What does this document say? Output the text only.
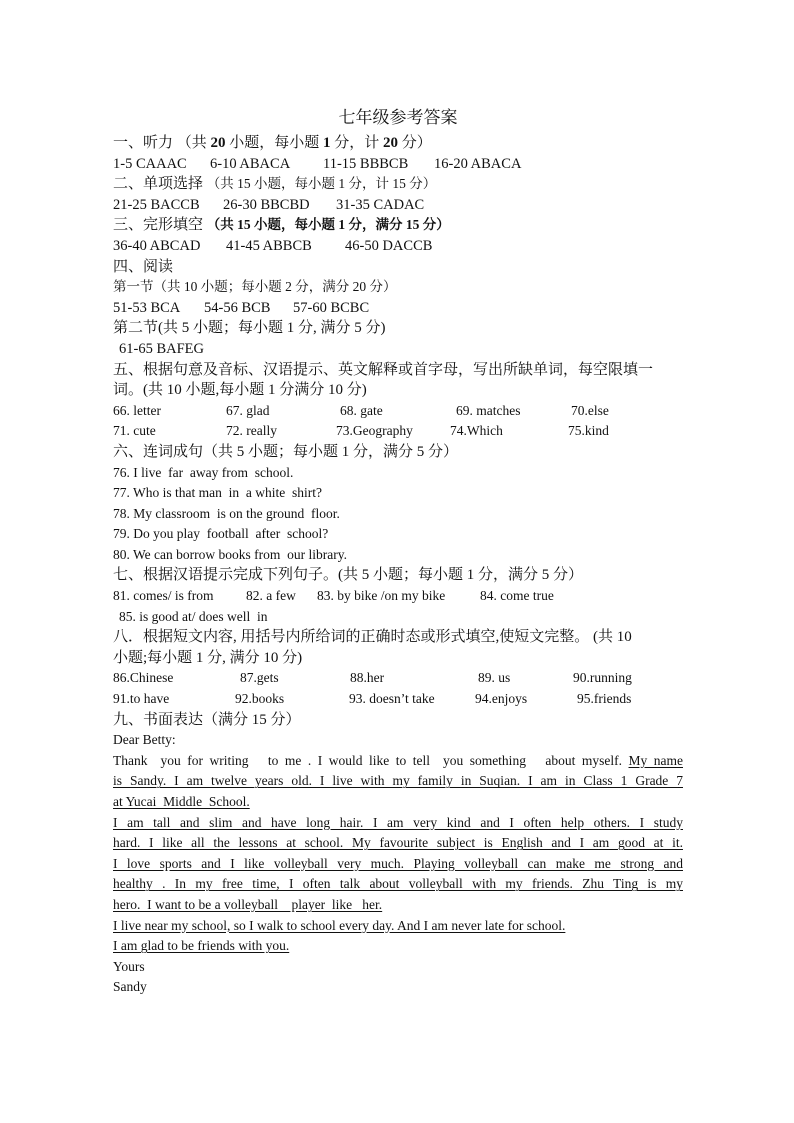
七年级参考答案
一、听力 （共 20 小题，每小题 1 分，计 20 分）
1-5 CAAAC	6-10 ABACA	11-15 BBBCB	16-20 ABACA
二、单项选择 （共 15 小题，每小题 1 分，计 15 分）
21-25 BACCB	26-30 BBCBD	31-35 CADAC
三、完形填空 （共 15 小题，每小题 1 分，满分 15 分）
36-40 ABCAD	41-45 ABBCB	46-50 DACCB
四、阅读
第一节（共 10 小题；每小题 2 分，满分 20 分）
51-53 BCA	54-56 BCB	57-60 BCBC
第二节(共 5 小题；每小题 1 分, 满分 5 分)
61-65 BAFEG
五、根据句意及音标、汉语提示、英文解释或首字母，写出所缺单词，每空限填一
词。(共 10 小题,每小题 1 分满分 10 分)
66. letter	67. glad	68. gate	69. matches	70.else
71. cute	72. really	73.Geography	74.Which	75.kind
六、连词成句（共 5 小题；每小题 1 分，满分 5 分）
76. I live  far  away from  school.
77. Who is that man  in  a white  shirt?
78. My classroom  is on the ground  floor.
79. Do you play  football  after  school?
80. We can borrow books from  our library.
七、根据汉语提示完成下列句子。(共 5 小题；每小题 1 分，满分 5 分）
81. comes/ is from	82. a few	83. by bike /on my bike	84. come true
85. is good at/ does well  in
八．根据短文内容, 用括号内所给词的正确时态或形式填空,使短文完整。 (共 10
小题;每小题 1 分, 满分 10 分)
86.Chinese	87.gets	88.her	89. us	90.running
91.to have	92.books	93. doesn’t take	94.enjoys	95.friends
九、书面表达（满分 15 分）
Dear Betty:
Thank  you for writing   to me . I would like to tell  you something   about myself. My name
is Sandy. I am twelve years old. I live with my family in Suqian. I am in Class 1 Grade 7
at Yucai  Middle  School.
I am tall and slim and have long hair. I am very kind and I often help others. I study
hard. I like all the lessons at school. My favourite subject is English and I am good at it.
I love sports and I like volleyball very much. Playing volleyball can make me strong and
healthy . In my free time, I often talk about volleyball with my friends. Zhu Ting is my
hero.  I want to be a volleyball    player  like   her.
I live near my school, so I walk to school every day. And I am never late for school.
I am glad to be friends with you.
Yours
Sandy
